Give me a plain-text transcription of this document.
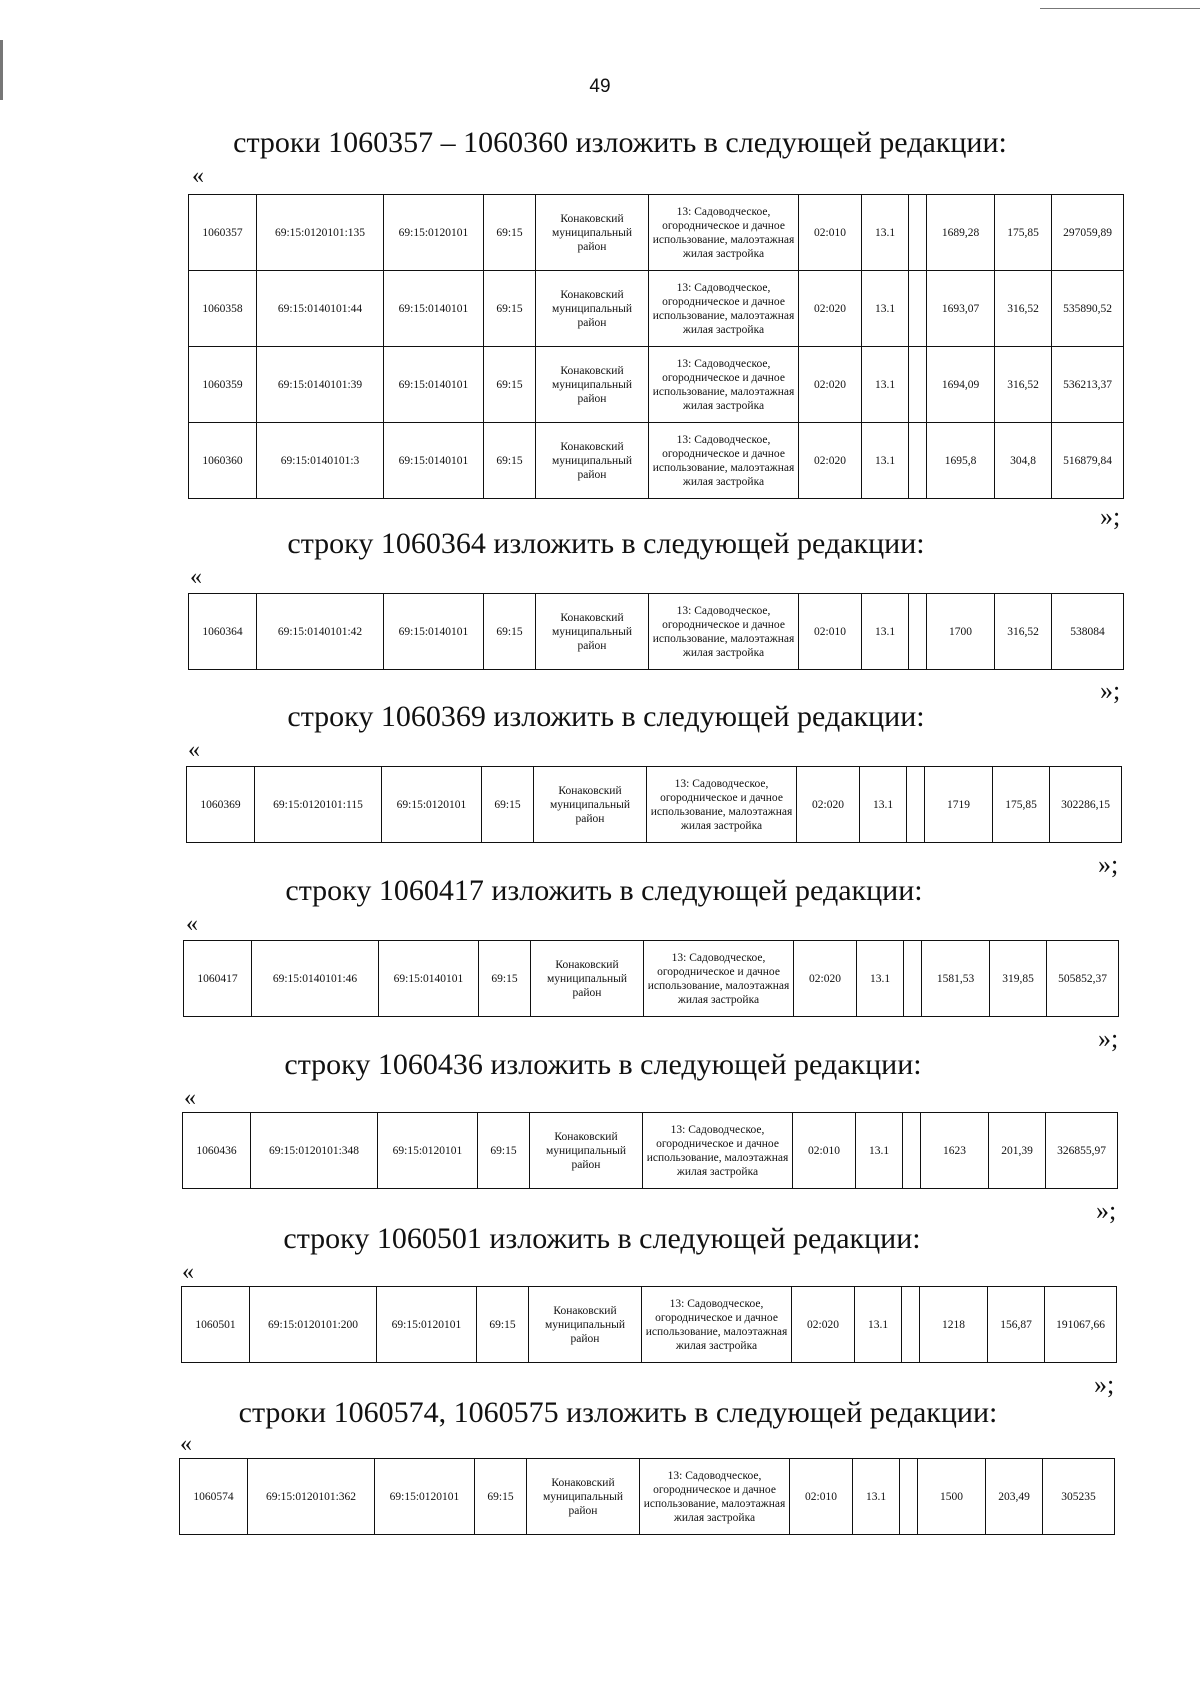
49
строки 1060357 – 1060360 изложить в следующей редакции:
«
1060357	69:15:0120101:135	69:15:0120101	69:15	Конаковский муниципальный район	13: Садоводческое, огородническое и дачное использование, малоэтажная жилая застройка	02:010	13.1		1689,28	175,85	297059,89
1060358	69:15:0140101:44	69:15:0140101	69:15	Конаковский муниципальный район	13: Садоводческое, огородническое и дачное использование, малоэтажная жилая застройка	02:020	13.1		1693,07	316,52	535890,52
1060359	69:15:0140101:39	69:15:0140101	69:15	Конаковский муниципальный район	13: Садоводческое, огородническое и дачное использование, малоэтажная жилая застройка	02:020	13.1		1694,09	316,52	536213,37
1060360	69:15:0140101:3	69:15:0140101	69:15	Конаковский муниципальный район	13: Садоводческое, огородническое и дачное использование, малоэтажная жилая застройка	02:020	13.1		1695,8	304,8	516879,84
»;
строку 1060364 изложить в следующей редакции:
«
1060364	69:15:0140101:42	69:15:0140101	69:15	Конаковский муниципальный район	13: Садоводческое, огородническое и дачное использование, малоэтажная жилая застройка	02:010	13.1		1700	316,52	538084
»;
строку 1060369 изложить в следующей редакции:
«
1060369	69:15:0120101:115	69:15:0120101	69:15	Конаковский муниципальный район	13: Садоводческое, огородническое и дачное использование, малоэтажная жилая застройка	02:020	13.1		1719	175,85	302286,15
»;
строку 1060417 изложить в следующей редакции:
«
1060417	69:15:0140101:46	69:15:0140101	69:15	Конаковский муниципальный район	13: Садоводческое, огородническое и дачное использование, малоэтажная жилая застройка	02:020	13.1		1581,53	319,85	505852,37
»;
строку 1060436 изложить в следующей редакции:
«
1060436	69:15:0120101:348	69:15:0120101	69:15	Конаковский муниципальный район	13: Садоводческое, огородническое и дачное использование, малоэтажная жилая застройка	02:010	13.1		1623	201,39	326855,97
»;
строку 1060501 изложить в следующей редакции:
«
1060501	69:15:0120101:200	69:15:0120101	69:15	Конаковский муниципальный район	13: Садоводческое, огородническое и дачное использование, малоэтажная жилая застройка	02:020	13.1		1218	156,87	191067,66
»;
строки 1060574, 1060575 изложить в следующей редакции:
«
1060574	69:15:0120101:362	69:15:0120101	69:15	Конаковский муниципальный район	13: Садоводческое, огородническое и дачное использование, малоэтажная жилая застройка	02:010	13.1		1500	203,49	305235
